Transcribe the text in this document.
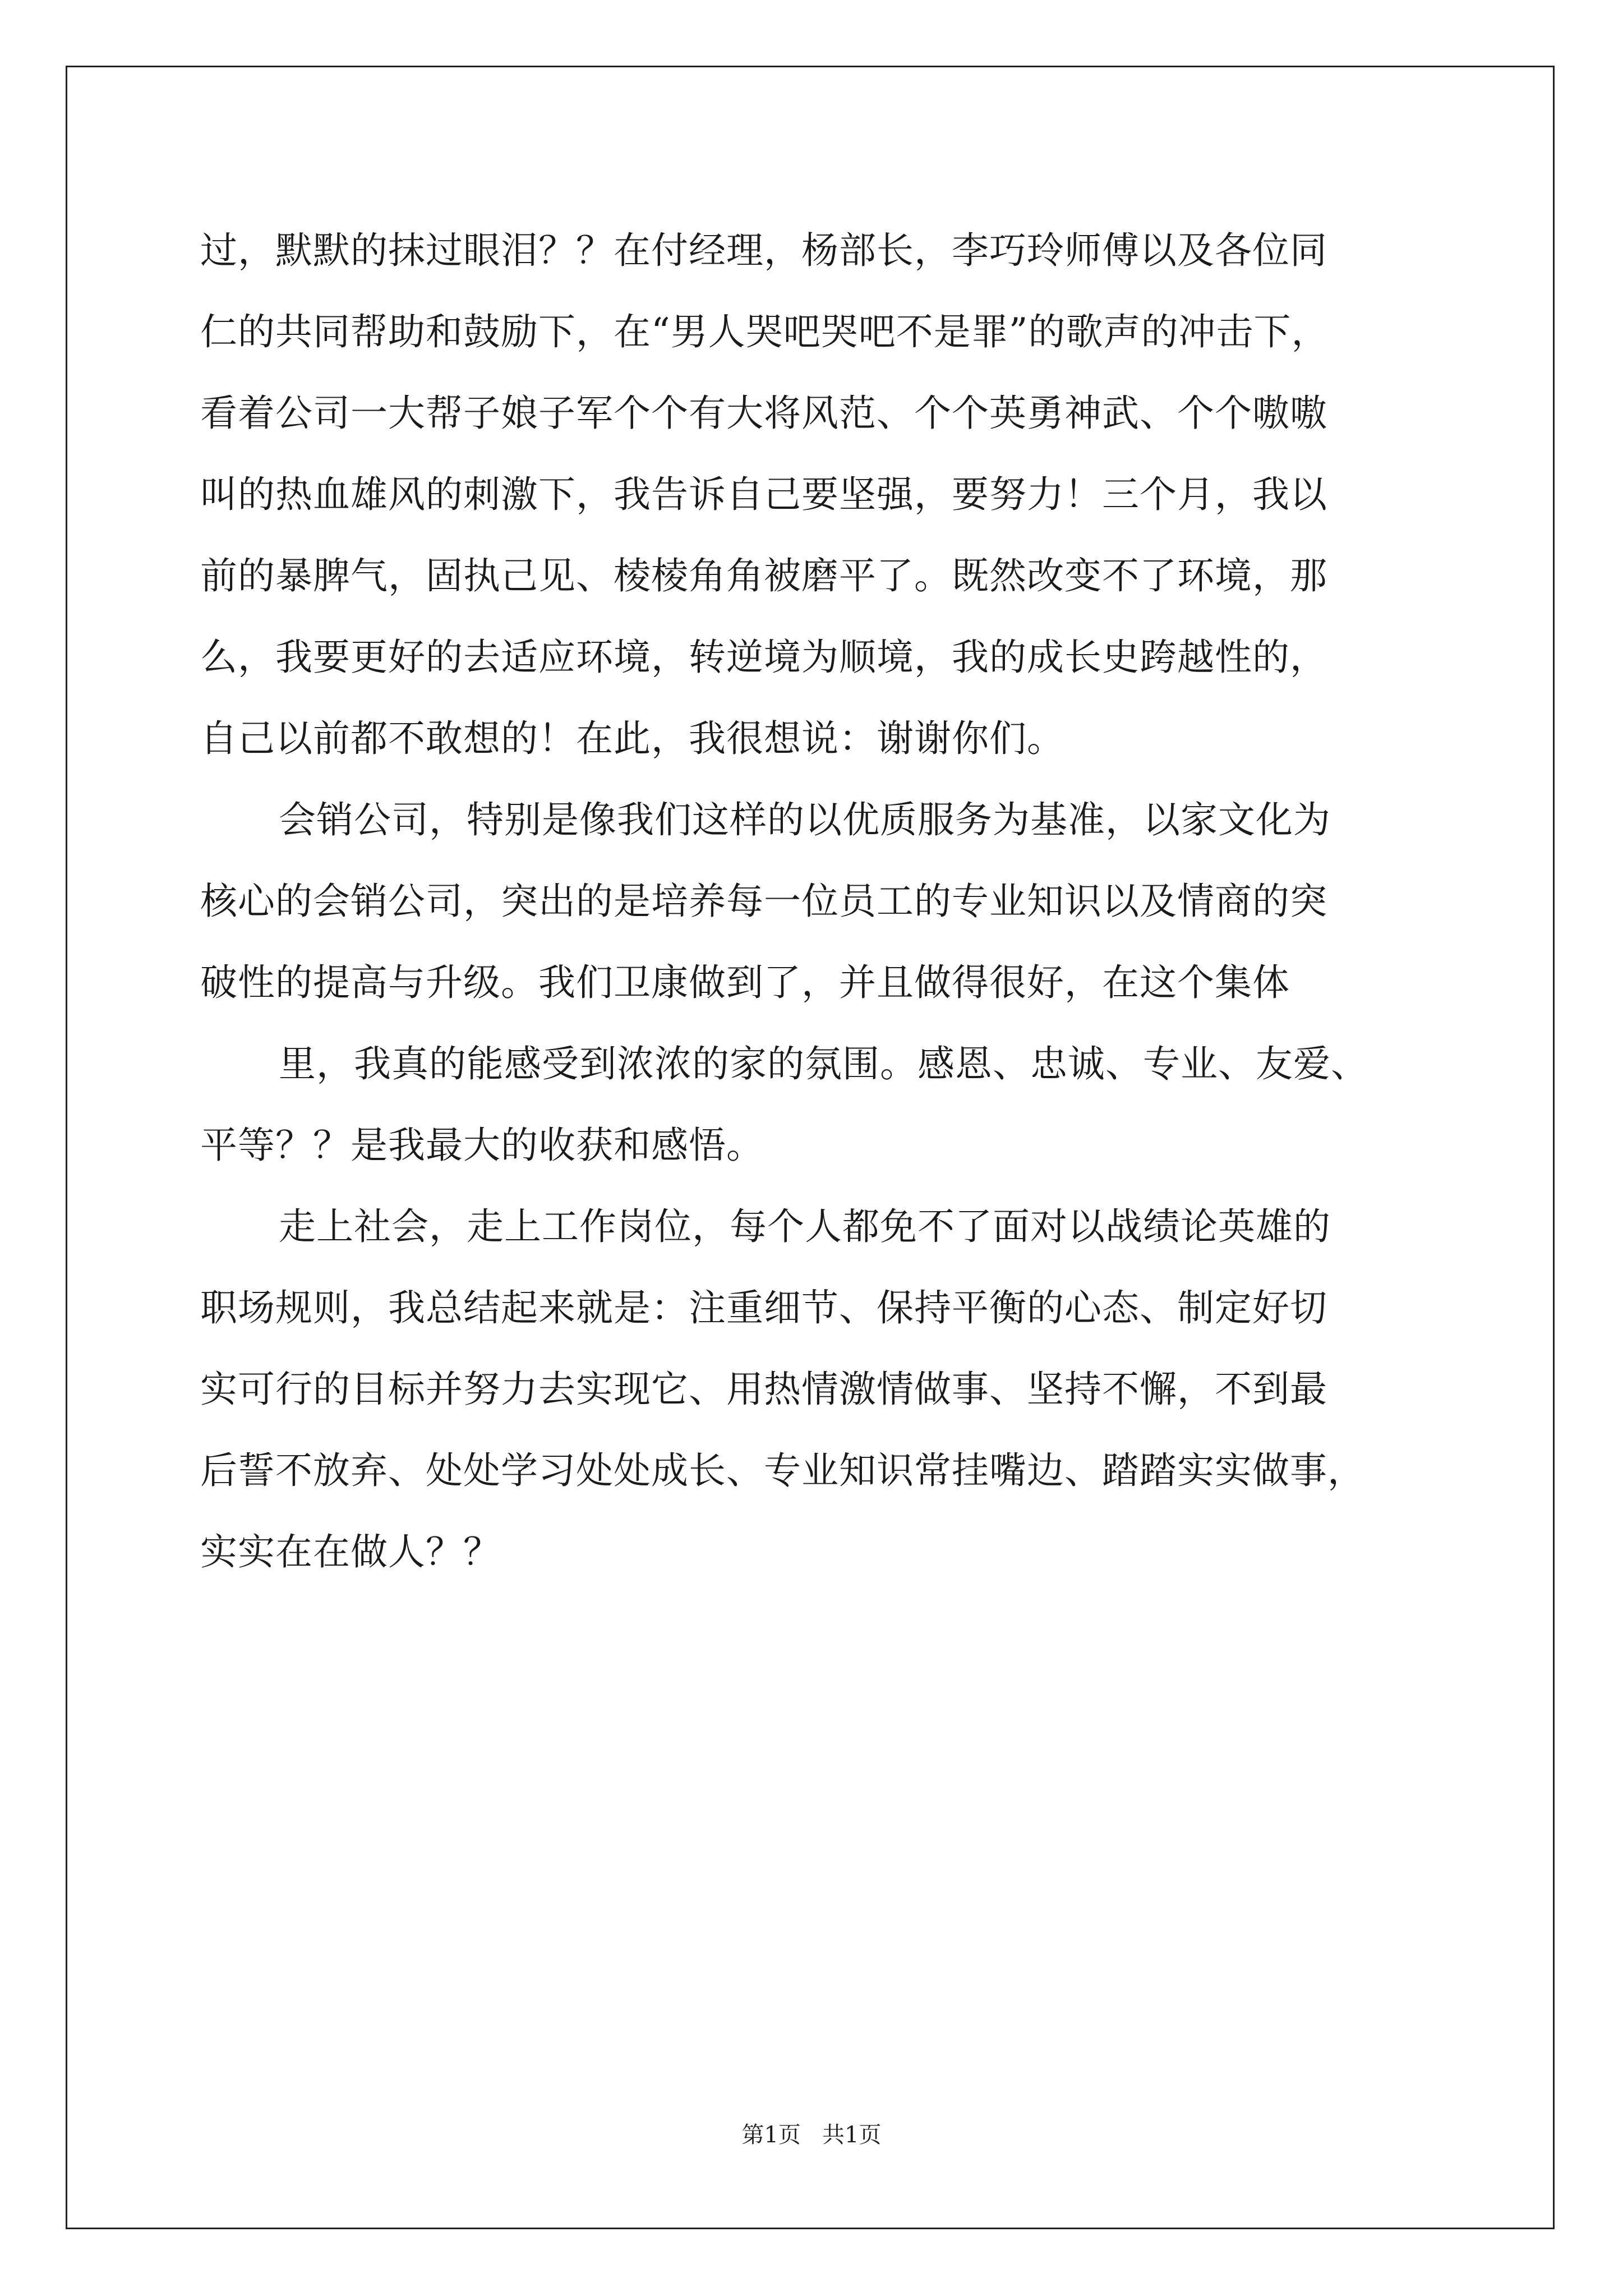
过，默默的抹过眼泪？？在付经理，杨部长，李巧玲师傅以及各位同
仁的共同帮助和鼓励下，在“男人哭吧哭吧不是罪”的歌声的冲击下，
看着公司一大帮子娘子军个个有大将风范、个个英勇神武、个个嗷嗷
叫的热血雄风的刺激下，我告诉自己要坚强，要努力！三个月，我以
前的暴脾气，固执己见、棱棱角角被磨平了。既然改变不了环境，那
么，我要更好的去适应环境，转逆境为顺境，我的成长史跨越性的，
自己以前都不敢想的！在此，我很想说：谢谢你们。
会销公司，特别是像我们这样的以优质服务为基准，以家文化为
核心的会销公司，突出的是培养每一位员工的专业知识以及情商的突
破性的提高与升级。我们卫康做到了，并且做得很好，在这个集体
里，我真的能感受到浓浓的家的氛围。感恩、忠诚、专业、友爱、
平等？？是我最大的收获和感悟。
走上社会，走上工作岗位，每个人都免不了面对以战绩论英雄的
职场规则，我总结起来就是：注重细节、保持平衡的心态、制定好切
实可行的目标并努力去实现它、用热情激情做事、坚持不懈，不到最
后誓不放弃、处处学习处处成长、专业知识常挂嘴边、踏踏实实做事，
实实在在做人？？
第1页   共1页
